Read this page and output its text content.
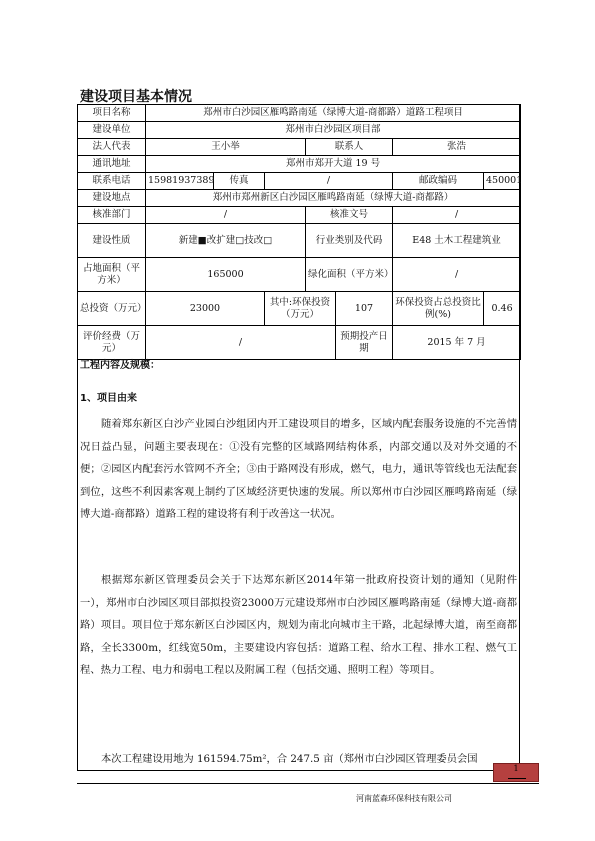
建设项目基本情况
项目名称	郑州市白沙园区雁鸣路南延（绿博大道-商都路）道路工程项目						
建设单位	郑州市白沙园区项目部						
法人代表	王小举			联系人		张浩	
通讯地址	郑州市郑开大道 19 号						
联系电话	15981937389	传真	/			邮政编码	450001
建设地点	郑州市郑州新区白沙园区雁鸣路南延（绿博大道-商都路）						
核准部门	/			核准文号		/	
建设性质	新建■改扩建□技改□			行业类别及代码		E48 土木工程建筑业	
占地面积（平方米）	165000			绿化面积（平方米）		/	
总投资（万元）	23000		其中:环保投资（万元）		107	环保投资占总投资比例(%)	0.46
评价经费（万元）	/				预期投产日期	2015 年 7 月	
工程内容及规模：
1、项目由来

随着郑东新区白沙产业园白沙组团内开工建设项目的增多，区域内配套服务设施的不完善情况日益凸显，问题主要表现在：①没有完整的区域路网结构体系，内部交通以及对外交通的不便；②园区内配套污水管网不齐全；③由于路网没有形成，燃气，电力，通讯等管线也无法配套到位，这些不利因素客观上制约了区域经济更快速的发展。所以郑州市白沙园区雁鸣路南延（绿博大道-商都路）道路工程的建设将有利于改善这一状况。

根据郑东新区管理委员会关于下达郑东新区2014年第一批政府投资计划的通知（见附件一），郑州市白沙园区项目部拟投资23000万元建设郑州市白沙园区雁鸣路南延（绿博大道-商都路）项目。项目位于郑东新区白沙园区内，规划为南北向城市主干路，北起绿博大道，南至商都路，全长3300m，红线宽50m，主要建设内容包括：道路工程、给水工程、排水工程、燃气工程、热力工程、电力和弱电工程以及附属工程（包括交通、照明工程）等项目。

本次工程建设用地为 161594.75m²，合 247.5 亩（郑州市白沙园区管理委员会国

1
河南蓝森环保科技有限公司
